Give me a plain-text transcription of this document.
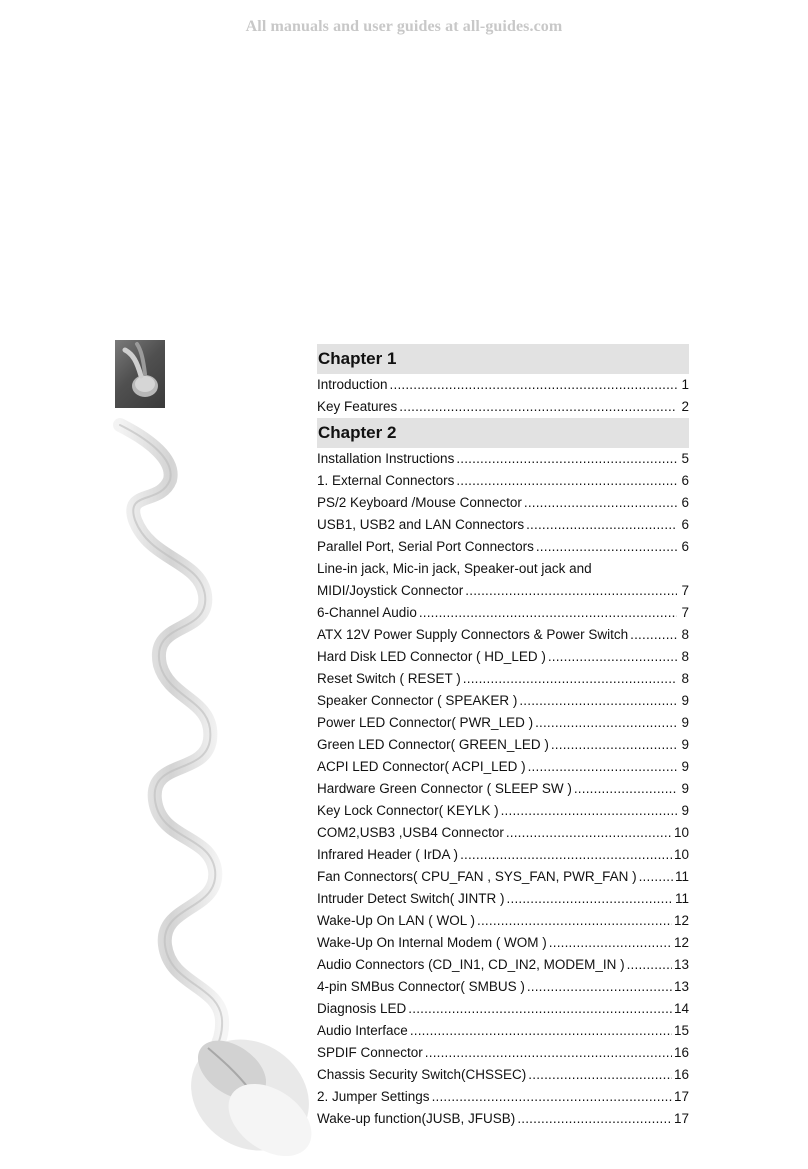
All manuals and user guides at all-guides.com
Chapter 1
Introduction .....	1
Key Features .....	2
Chapter 2
Installation Instructions .....	5
1. External Connectors .....	6
PS/2 Keyboard /Mouse Connector .....	6
USB1, USB2 and LAN Connectors .....	6
Parallel Port, Serial Port Connectors .....	6
Line-in jack, Mic-in jack, Speaker-out jack and
MIDI/Joystick Connector .....	7
6-Channel Audio .....	7
ATX 12V Power Supply Connectors & Power Switch .....	8
Hard Disk LED Connector ( HD_LED ) .....	8
Reset Switch ( RESET ) .....	8
Speaker Connector ( SPEAKER ) .....	9
Power LED Connector( PWR_LED ) .....	9
Green LED Connector( GREEN_LED ) .....	9
ACPI LED Connector( ACPI_LED ) .....	9
Hardware Green Connector ( SLEEP SW ) .....	9
Key Lock Connector( KEYLK ) .....	9
COM2,USB3 ,USB4 Connector .....	10
Infrared Header ( IrDA ) .....	10
Fan Connectors( CPU_FAN , SYS_FAN, PWR_FAN ) .....	11
Intruder Detect Switch( JINTR ) .....	11
Wake-Up On LAN ( WOL ) .....	12
Wake-Up On Internal Modem ( WOM ) .....	12
Audio Connectors (CD_IN1, CD_IN2, MODEM_IN ) .....	13
4-pin SMBus Connector( SMBUS ) .....	13
Diagnosis LED .....	14
Audio Interface .....	15
SPDIF Connector .....	16
Chassis Security Switch(CHSSEC) .....	16
2. Jumper Settings .....	17
Wake-up function(JUSB, JFUSB) .....	17
